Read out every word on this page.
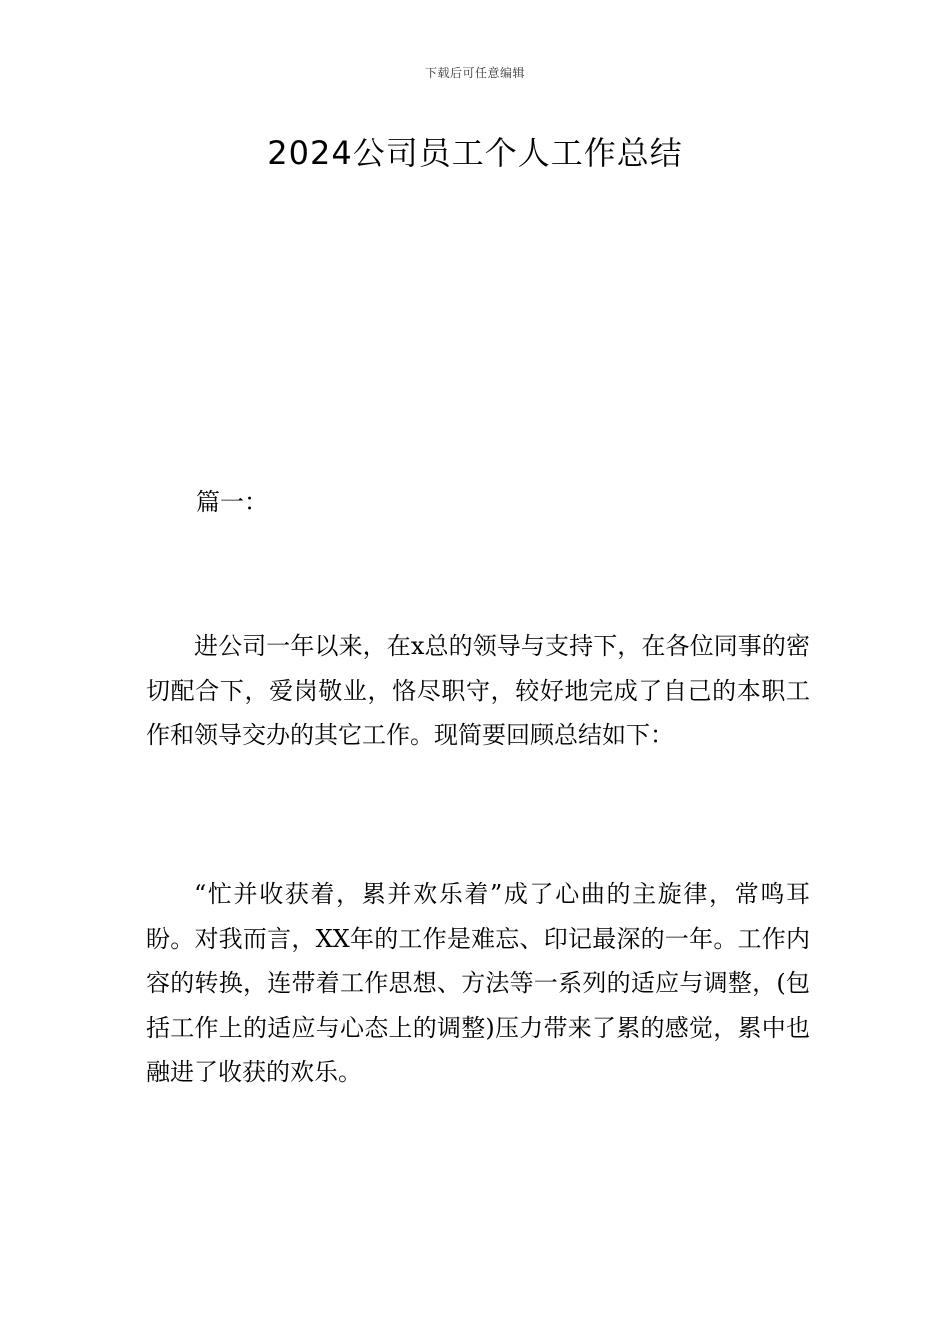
下载后可任意编辑
2024公司员工个人工作总结

篇一：

进公司一年以来，在x总的领导与支持下，在各位同事的密切配合下，爱岗敬业，恪尽职守，较好地完成了自己的本职工作和领导交办的其它工作。现简要回顾总结如下：

“忙并收获着，累并欢乐着”成了心曲的主旋律，常鸣耳盼。对我而言，XX年的工作是难忘、印记最深的一年。工作内容的转换，连带着工作思想、方法等一系列的适应与调整，(包括工作上的适应与心态上的调整)压力带来了累的感觉，累中也融进了收获的欢乐。
